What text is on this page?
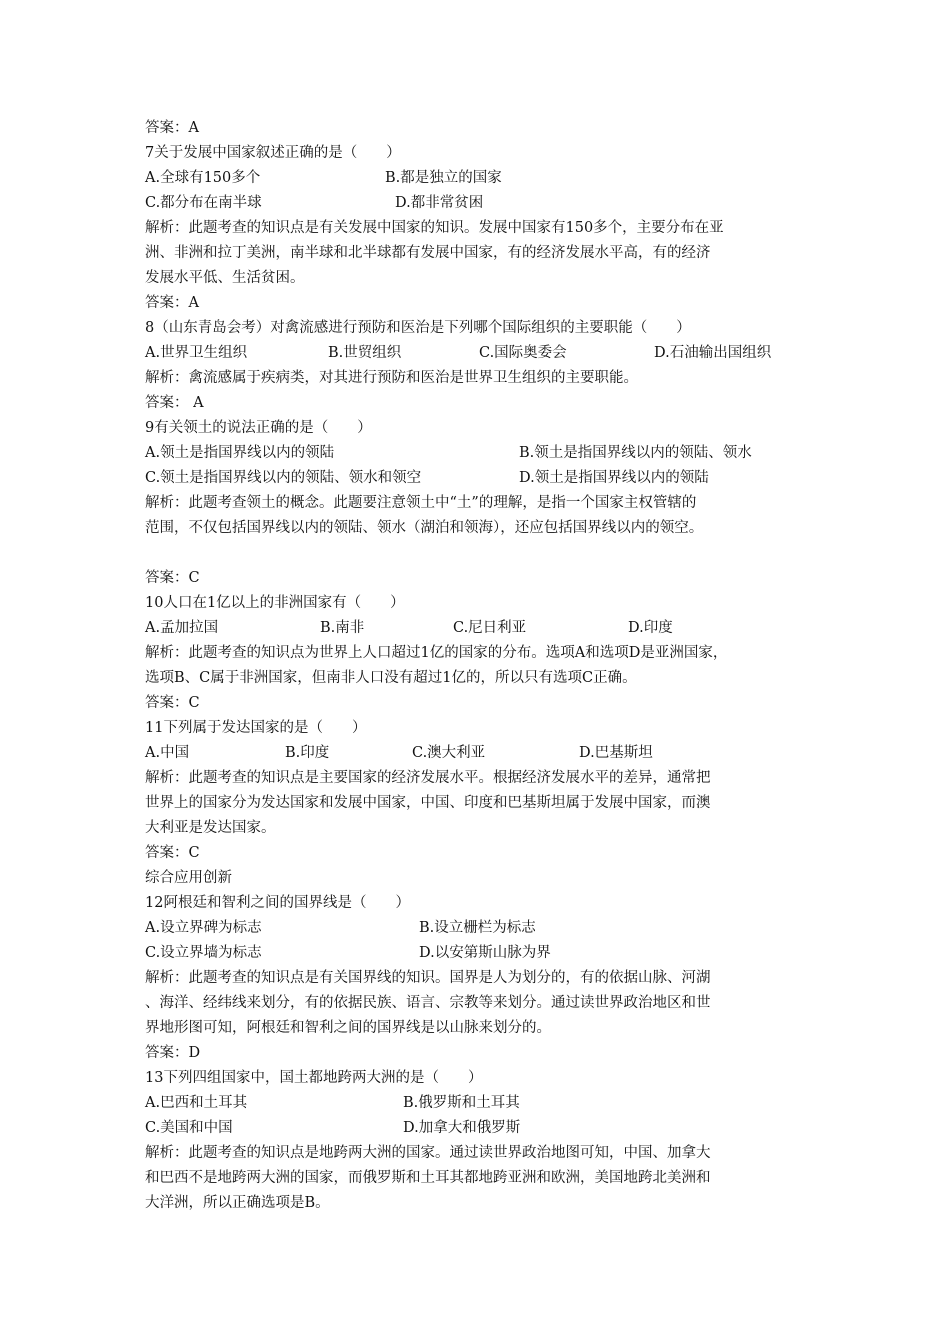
答案：A
7关于发展中国家叙述正确的是（　　）
A.全球有150多个	B.都是独立的国家
C.都分布在南半球	D.都非常贫困
解析：此题考查的知识点是有关发展中国家的知识。发展中国家有150多个，主要分布在亚
洲、非洲和拉丁美洲，南半球和北半球都有发展中国家，有的经济发展水平高，有的经济
发展水平低、生活贫困。
答案：A
8（山东青岛会考）对禽流感进行预防和医治是下列哪个国际组织的主要职能（　　）
A.世界卫生组织	B.世贸组织	C.国际奥委会	D.石油输出国组织
解析：禽流感属于疾病类，对其进行预防和医治是世界卫生组织的主要职能。
答案： A
9有关领土的说法正确的是（　　）
A.领土是指国界线以内的领陆	B.领土是指国界线以内的领陆、领水
C.领土是指国界线以内的领陆、领水和领空	D.领土是指国界线以内的领陆
解析：此题考查领土的概念。此题要注意领土中“土”的理解，是指一个国家主权管辖的
范围，不仅包括国界线以内的领陆、领水（湖泊和领海），还应包括国界线以内的领空。
答案：C
10人口在1亿以上的非洲国家有（　　）
A.孟加拉国	B.南非	C.尼日利亚	D.印度
解析：此题考查的知识点为世界上人口超过1亿的国家的分布。选项A和选项D是亚洲国家，
选项B、C属于非洲国家，但南非人口没有超过1亿的，所以只有选项C正确。
答案：C
11下列属于发达国家的是（　　）
A.中国	B.印度	C.澳大利亚	D.巴基斯坦
解析：此题考查的知识点是主要国家的经济发展水平。根据经济发展水平的差异，通常把
世界上的国家分为发达国家和发展中国家，中国、印度和巴基斯坦属于发展中国家，而澳
大利亚是发达国家。
答案：C
综合应用创新
12阿根廷和智利之间的国界线是（　　）
A.设立界碑为标志	B.设立栅栏为标志
C.设立界墙为标志	D.以安第斯山脉为界
解析：此题考查的知识点是有关国界线的知识。国界是人为划分的，有的依据山脉、河湖
、海洋、经纬线来划分，有的依据民族、语言、宗教等来划分。通过读世界政治地区和世
界地形图可知，阿根廷和智利之间的国界线是以山脉来划分的。
答案：D
13下列四组国家中，国土都地跨两大洲的是（　　）
A.巴西和土耳其	B.俄罗斯和土耳其
C.美国和中国	D.加拿大和俄罗斯
解析：此题考查的知识点是地跨两大洲的国家。通过读世界政治地图可知，中国、加拿大
和巴西不是地跨两大洲的国家，而俄罗斯和土耳其都地跨亚洲和欧洲，美国地跨北美洲和
大洋洲，所以正确选项是B。
